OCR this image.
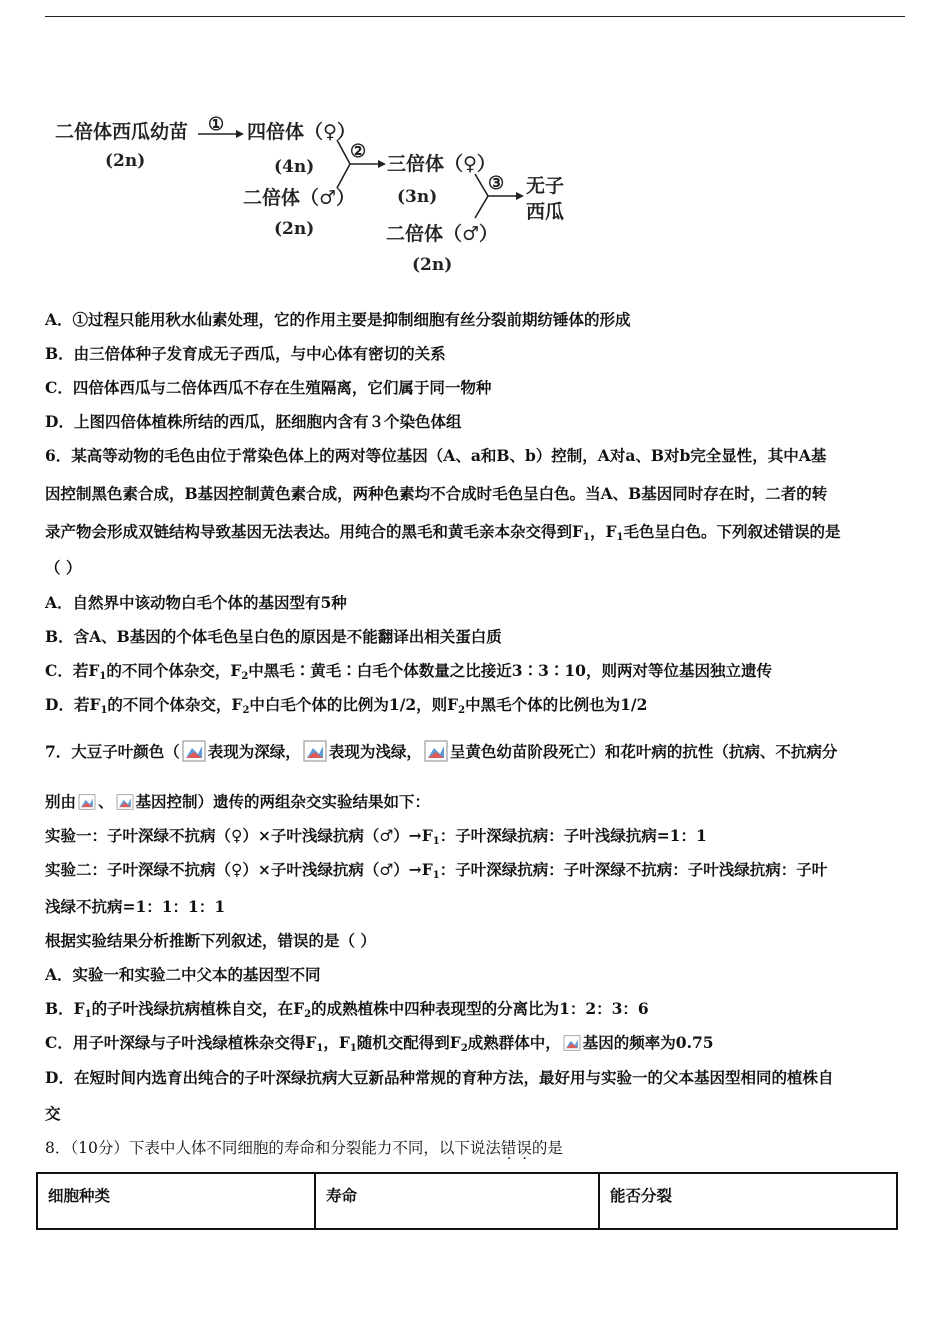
二倍体西瓜幼苗
(2n)
① 四倍体（♀）
(4n)
二倍体（♂）
(2n)
②
三倍体（♀）
(3n)
③ 无子
西瓜
二倍体（♂）
(2n)
A．①过程只能用秋水仙素处理，它的作用主要是抑制细胞有丝分裂前期纺锤体的形成
B．由三倍体种子发育成无子西瓜，与中心体有密切的关系
C．四倍体西瓜与二倍体西瓜不存在生殖隔离，它们属于同一物种
D．上图四倍体植株所结的西瓜，胚细胞内含有３个染色体组
6．某高等动物的毛色由位于常染色体上的两对等位基因（A、a和B、b）控制，A对a、B对b完全显性，其中A基
因控制黑色素合成，B基因控制黄色素合成，两种色素均不合成时毛色呈白色。当A、B基因同时存在时，二者的转
录产物会形成双链结构导致基因无法表达。用纯合的黑毛和黄毛亲本杂交得到$F_1$，$F_1$毛色呈白色。下列叙述错误的是
（ ）
A．自然界中该动物白毛个体的基因型有5种
B．含A、B基因的个体毛色呈白色的原因是不能翻译出相关蛋白质
C．若$F_1$的不同个体杂交，$F_2$中黑毛∶黄毛∶白毛个体数量之比接近3∶3∶10，则两对等位基因独立遗传
D．若$F_1$的不同个体杂交，$F_2$中白毛个体的比例为1/2，则$F_2$中黑毛个体的比例也为1/2
7．大豆子叶颜色（ 表现为深绿， 表现为浅绿， 呈黄色幼苗阶段死亡）和花叶病的抗性（抗病、不抗病分
别由 、 基因控制）遗传的两组杂交实验结果如下：
实验一：子叶深绿不抗病（♀）×子叶浅绿抗病$(♂)\to F_1$：子叶深绿抗病：子叶浅绿抗病=1：1
实验二：子叶深绿不抗病（♀）×子叶浅绿抗病$(♂)\to F_1$：子叶深绿抗病：子叶深绿不抗病：子叶浅绿抗病：子叶
浅绿不抗病=1：1：1：1
根据实验结果分析推断下列叙述，错误的是（ ）
A．实验一和实验二中父本的基因型不同
B．$F_1$的子叶浅绿抗病植株自交，在$F_2$的成熟植株中四种表现型的分离比为1：2：3：6
C．用子叶深绿与子叶浅绿植株杂交得$F_1$，$F_1$随机交配得到$F_2$成熟群体中， 基因的频率为0.75
D．在短时间内选育出纯合的子叶深绿抗病大豆新品种常规的育种方法，最好用与实验一的父本基因型相同的植株自
交
8．（10分）下表中人体不同细胞的寿命和分裂能力不同，以下说法错误的是
细胞种类	寿命	能否分裂
